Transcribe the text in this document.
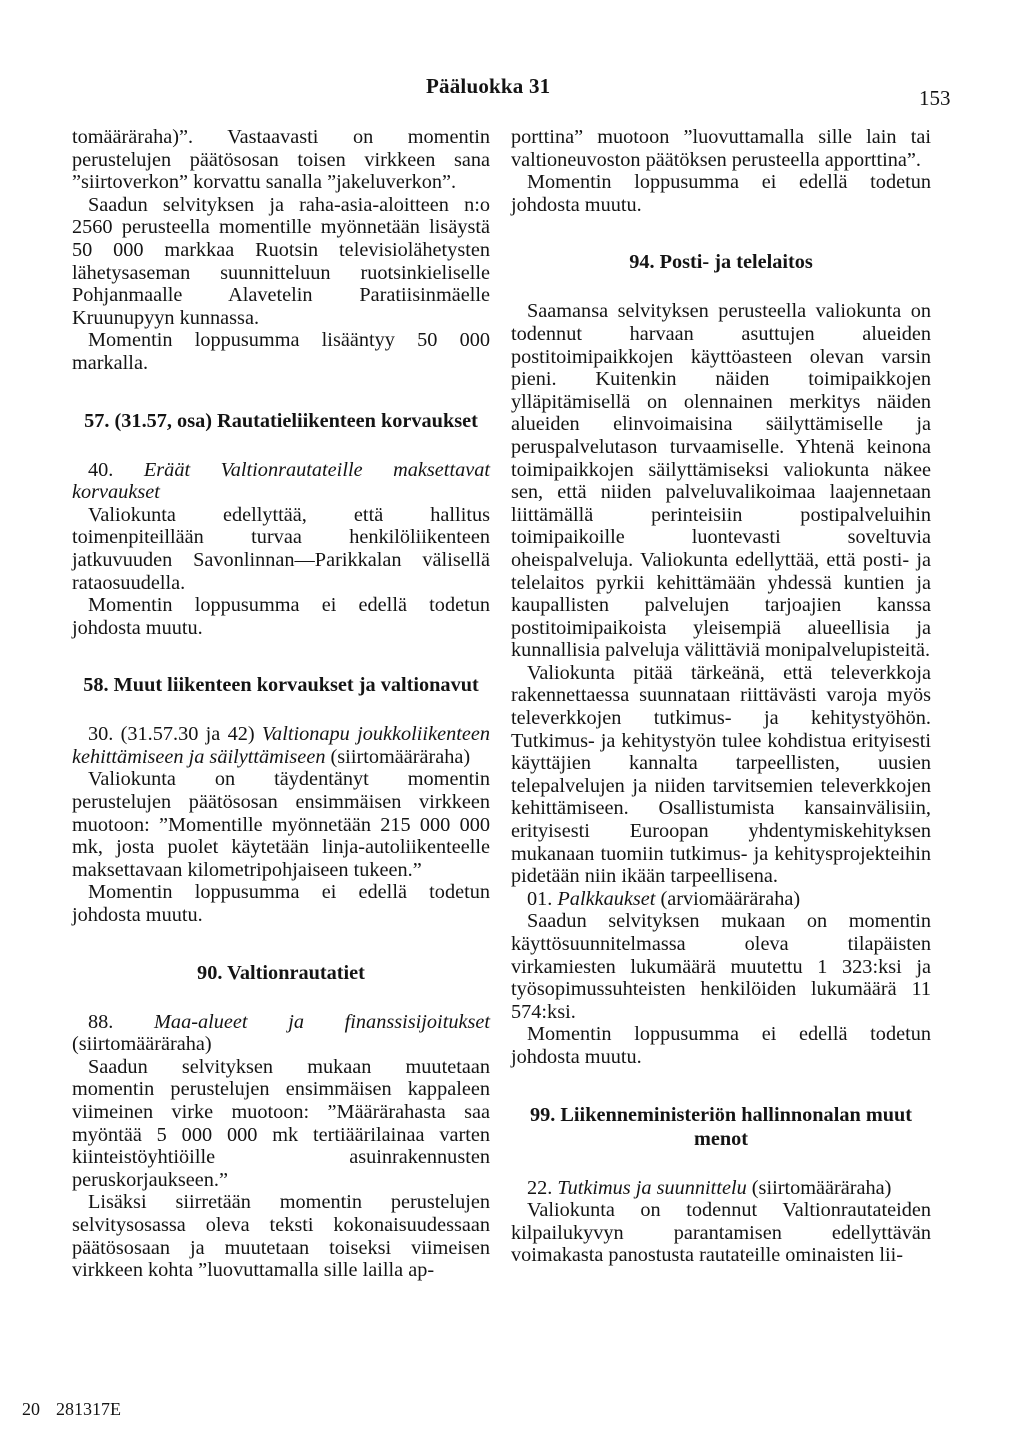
Pääluokka 31	153

tomääräraha)”. Vastaavasti on momentin perustelujen päätösosan toisen virkkeen sana ”siirtoverkon” korvattu sanalla ”jakeluverkon”.

Saadun selvityksen ja raha-asia-aloitteen n:o 2560 perusteella momentille myönnetään lisäystä 50 000 markkaa Ruotsin televisiolähetysten lähetysaseman suunnitteluun ruotsinkieliselle Pohjanmaalle Alavetelin Paratiisinmäelle Kruunupyyn kunnassa.

Momentin loppusumma lisääntyy 50 000 markalla.

57. (31.57, osa) Rautatieliikenteen korvaukset

40. Eräät Valtionrautateille maksettavat korvaukset

Valiokunta edellyttää, että hallitus toimenpiteillään turvaa henkilöliikenteen jatkuvuuden Savonlinnan—Parikkalan välisellä rataosuudella.

Momentin loppusumma ei edellä todetun johdosta muutu.

58. Muut liikenteen korvaukset ja valtionavut

30. (31.57.30 ja 42) Valtionapu joukkoliikenteen kehittämiseen ja säilyttämiseen (siirtomääräraha)

Valiokunta on täydentänyt momentin perustelujen päätösosan ensimmäisen virkkeen muotoon: ”Momentille myönnetään 215 000 000 mk, josta puolet käytetään linja-autoliikenteelle maksettavaan kilometripohjaiseen tukeen.”

Momentin loppusumma ei edellä todetun johdosta muutu.

90. Valtionrautatiet

88. Maa-alueet ja finanssisijoitukset (siirtomääräraha)

Saadun selvityksen mukaan muutetaan momentin perustelujen ensimmäisen kappaleen viimeinen virke muotoon: ”Määrärahasta saa myöntää 5 000 000 mk tertiäärilainaa varten kiinteistöyhtiöille asuinrakennusten peruskorjaukseen.”

Lisäksi siirretään momentin perustelujen selvitysosassa oleva teksti kokonaisuudessaan päätösosaan ja muutetaan toiseksi viimeisen virkkeen kohta ”luovuttamalla sille lailla ap-

porttina” muotoon ”luovuttamalla sille lain tai valtioneuvoston päätöksen perusteella apporttina”.

Momentin loppusumma ei edellä todetun johdosta muutu.

94. Posti- ja telelaitos

Saamansa selvityksen perusteella valiokunta on todennut harvaan asuttujen alueiden postitoimipaikkojen käyttöasteen olevan varsin pieni. Kuitenkin näiden toimipaikkojen ylläpitämisellä on olennainen merkitys näiden alueiden elinvoimaisina säilyttämiselle ja peruspalvelutason turvaamiselle. Yhtenä keinona toimipaikkojen säilyttämiseksi valiokunta näkee sen, että niiden palveluvalikoimaa laajennetaan liittämällä perinteisiin postipalveluihin toimipaikoille luontevasti soveltuvia oheispalveluja. Valiokunta edellyttää, että posti- ja telelaitos pyrkii kehittämään yhdessä kuntien ja kaupallisten palvelujen tarjoajien kanssa postitoimipaikoista yleisempiä alueellisia ja kunnallisia palveluja välittäviä monipalvelupisteitä.

Valiokunta pitää tärkeänä, että televerkkoja rakennettaessa suunnataan riittävästi varoja myös televerkkojen tutkimus- ja kehitystyöhön. Tutkimus- ja kehitystyön tulee kohdistua erityisesti käyttäjien kannalta tarpeellisten, uusien telepalvelujen ja niiden tarvitsemien televerkkojen kehittämiseen. Osallistumista kansainvälisiin, erityisesti Euroopan yhdentymiskehityksen mukanaan tuomiin tutkimus- ja kehitysprojekteihin pidetään niin ikään tarpeellisena.

01. Palkkaukset (arviomääräraha)

Saadun selvityksen mukaan on momentin käyttösuunnitelmassa oleva tilapäisten virkamiesten lukumäärä muutettu 1 323:ksi ja työsopimussuhteisten henkilöiden lukumäärä 11 574:ksi.

Momentin loppusumma ei edellä todetun johdosta muutu.

99. Liikenneministeriön hallinnonalan muut menot

22. Tutkimus ja suunnittelu (siirtomääräraha)

Valiokunta on todennut Valtionrautateiden kilpailukyvyn parantamisen edellyttävän voimakasta panostusta rautateille ominaisten lii-

20 281317E
